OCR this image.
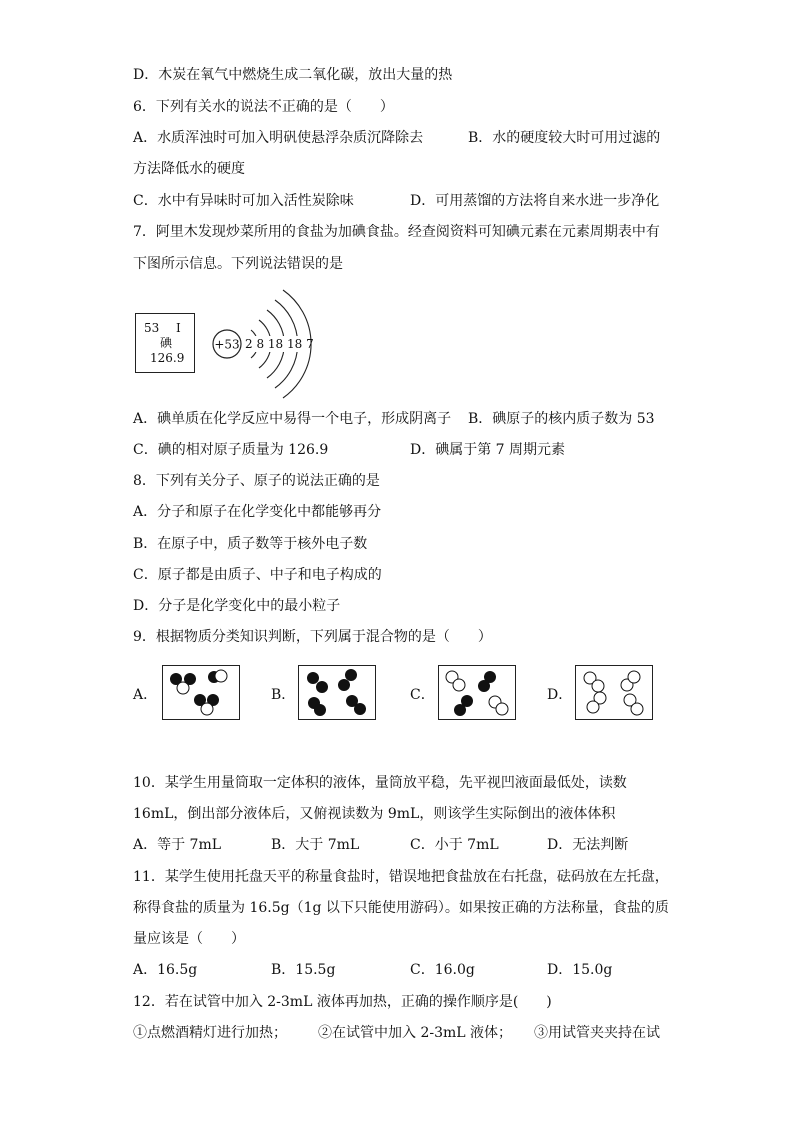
D．木炭在氧气中燃烧生成二氧化碳，放出大量的热
6．下列有关水的说法不正确的是（　　）
A．水质浑浊时可加入明矾使悬浮杂质沉降除去	B．水的硬度较大时可用过滤的
方法降低水的硬度
C．水中有异味时可加入活性炭除味	D．可用蒸馏的方法将自来水进一步净化
7．阿里木发现炒菜所用的食盐为加碘食盐。经查阅资料可知碘元素在元素周期表中有
下图所示信息。下列说法错误的是
53 I
碘
126.9
+53 2 8 18 18 7
A．碘单质在化学反应中易得一个电子，形成阴离子 B．碘原子的核内质子数为 53
C．碘的相对原子质量为 126.9	D．碘属于第 7 周期元素
8．下列有关分子、原子的说法正确的是
A．分子和原子在化学变化中都能够再分
B．在原子中，质子数等于核外电子数
C．原子都是由质子、中子和电子构成的
D．分子是化学变化中的最小粒子
9．根据物质分类知识判断，下列属于混合物的是（　　）
A．	B．	C．	D．
10．某学生用量筒取一定体积的液体，量筒放平稳，先平视凹液面最低处，读数
16mL，倒出部分液体后，又俯视读数为 9mL，则该学生实际倒出的液体体积
A．等于 7mL	B．大于 7mL	C．小于 7mL	D．无法判断
11．某学生使用托盘天平的称量食盐时，错误地把食盐放在右托盘，砝码放在左托盘，
称得食盐的质量为 16.5g（1g 以下只能使用游码）。如果按正确的方法称量，食盐的质
量应该是（　　）
A．16.5g	B．15.5g	C．16.0g	D．15.0g
12．若在试管中加入 2-3mL 液体再加热，正确的操作顺序是(　　)
①点燃酒精灯进行加热； ②在试管中加入 2-3mL 液体； ③用试管夹夹持在试
